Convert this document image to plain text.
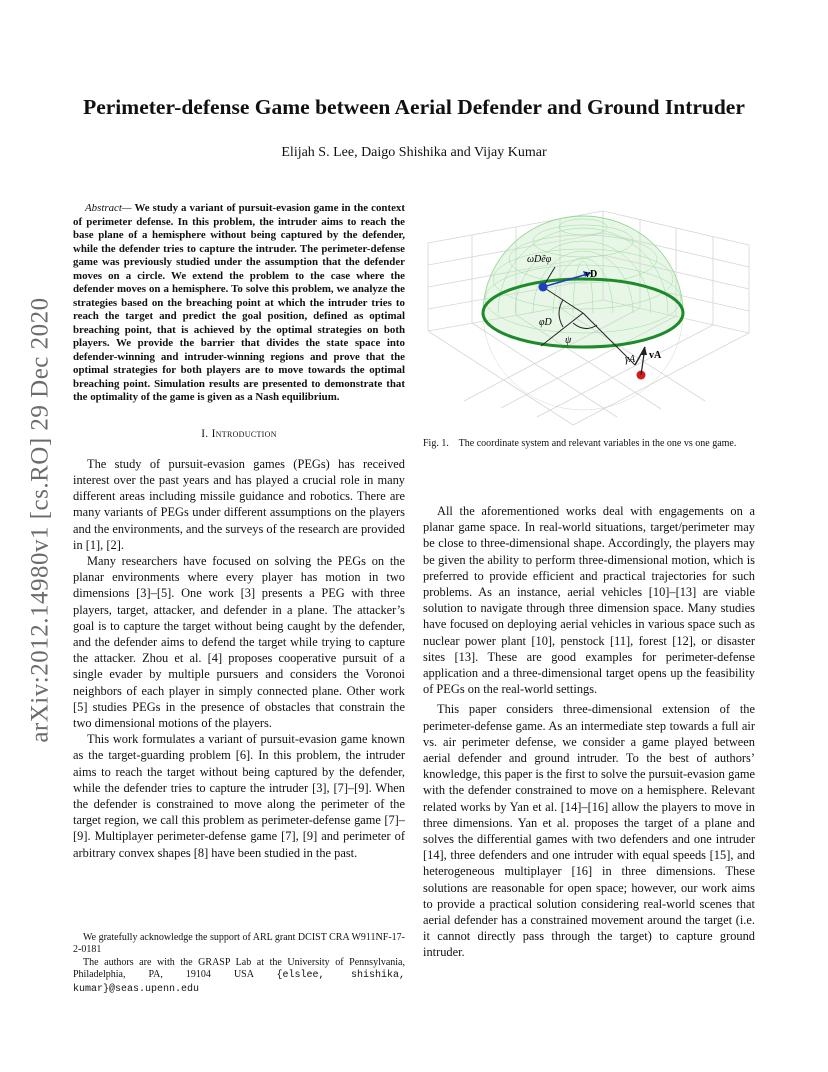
arXiv:2012.14980v1 [cs.RO] 29 Dec 2020
Perimeter-defense Game between Aerial Defender and Ground Intruder
Elijah S. Lee, Daigo Shishika and Vijay Kumar

Abstract— We study a variant of pursuit-evasion game in the context of perimeter defense. In this problem, the intruder aims to reach the base plane of a hemisphere without being captured by the defender, while the defender tries to capture the intruder. The perimeter-defense game was previously studied under the assumption that the defender moves on a circle. We extend the problem to the case where the defender moves on a hemisphere. To solve this problem, we analyze the strategies based on the breaching point at which the intruder tries to reach the target and predict the goal position, defined as optimal breaching point, that is achieved by the optimal strategies on both players. We provide the barrier that divides the state space into defender-winning and intruder-winning regions and prove that the optimal strategies for both players are to move towards the optimal breaching point. Simulation results are presented to demonstrate that the optimality of the game is given as a Nash equilibrium.

I. Introduction

The study of pursuit-evasion games (PEGs) has received interest over the past years and has played a crucial role in many different areas including missile guidance and robotics. There are many variants of PEGs under different assumptions on the players and the environments, and the surveys of the research are provided in [1], [2].

Many researchers have focused on solving the PEGs on the planar environments where every player has motion in two dimensions [3]–[5]. One work [3] presents a PEG with three players, target, attacker, and defender in a plane. The attacker’s goal is to capture the target without being caught by the defender, and the defender aims to defend the target while trying to capture the attacker. Zhou et al. [4] proposes cooperative pursuit of a single evader by multiple pursuers and considers the Voronoi neighbors of each player in simply connected plane. Other work [5] studies PEGs in the presence of obstacles that constrain the two dimensional motions of the players.

This work formulates a variant of pursuit-evasion game known as the target-guarding problem [6]. In this problem, the intruder aims to reach the target without being captured by the defender, while the defender tries to capture the intruder [3], [7]–[9]. When the defender is constrained to move along the perimeter of the target region, we call this problem as perimeter-defense game [7]–[9]. Multiplayer perimeter-defense game [7], [9] and perimeter of arbitrary convex shapes [8] have been studied in the past.

We gratefully acknowledge the support of ARL grant DCIST CRA W911NF-17-2-0181

The authors are with the GRASP Lab at the University of Pennsylvania, Philadelphia, PA, 19104 USA {elslee, shishika, kumar}@seas.upenn.edu

ωDêφ
vD
φD
ψ
γA vA
Fig. 1. The coordinate system and relevant variables in the one vs one game.

All the aforementioned works deal with engagements on a planar game space. In real-world situations, target/perimeter may be close to three-dimensional shape. Accordingly, the players may be given the ability to perform three-dimensional motion, which is preferred to provide efficient and practical trajectories for such problems. As an instance, aerial vehicles [10]–[13] are viable solution to navigate through three dimension space. Many studies have focused on deploying aerial vehicles in various space such as nuclear power plant [10], penstock [11], forest [12], or disaster sites [13]. These are good examples for perimeter-defense application and a three-dimensional target opens up the feasibility of PEGs on the real-world settings.

This paper considers three-dimensional extension of the perimeter-defense game. As an intermediate step towards a full air vs. air perimeter defense, we consider a game played between aerial defender and ground intruder. To the best of authors’ knowledge, this paper is the first to solve the pursuit-evasion game with the defender constrained to move on a hemisphere. Relevant related works by Yan et al. [14]–[16] allow the players to move in three dimensions. Yan et al. proposes the target of a plane and solves the differential games with two defenders and one intruder [14], three defenders and one intruder with equal speeds [15], and heterogeneous multiplayer [16] in three dimensions. These solutions are reasonable for open space; however, our work aims to provide a practical solution considering real-world scenes that aerial defender has a constrained movement around the target (i.e. it cannot directly pass through the target) to capture ground intruder.
